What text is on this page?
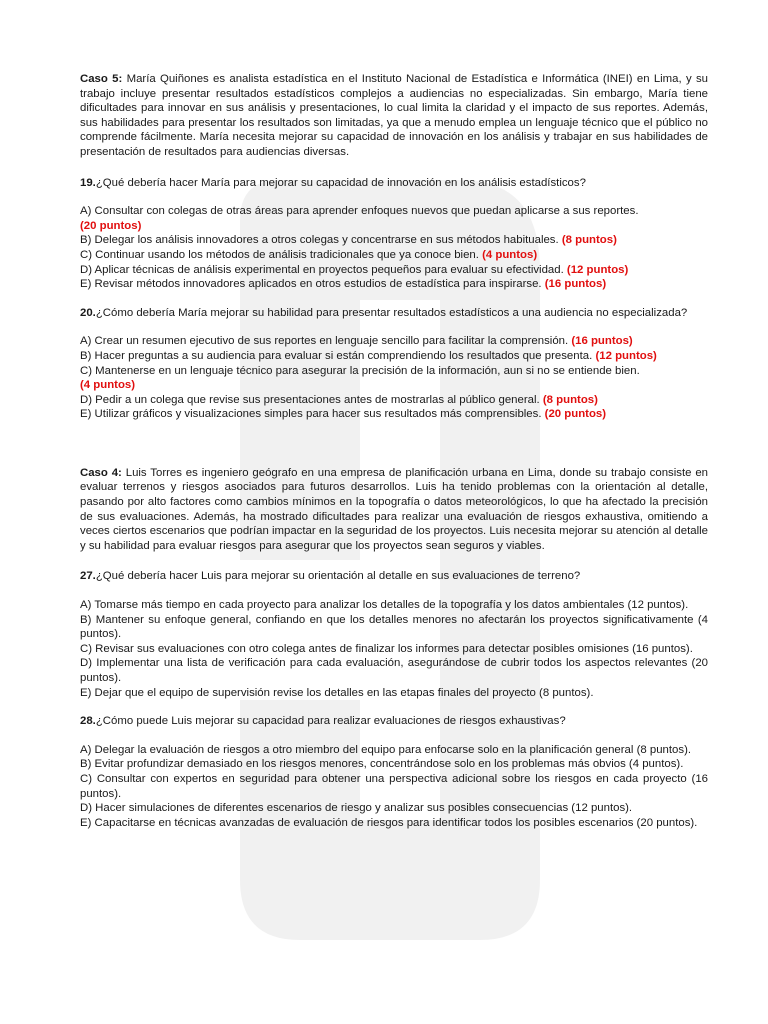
Caso 5: María Quiñones es analista estadística en el Instituto Nacional de Estadística e Informática (INEI) en Lima, y su trabajo incluye presentar resultados estadísticos complejos a audiencias no especializadas. Sin embargo, María tiene dificultades para innovar en sus análisis y presentaciones, lo cual limita la claridad y el impacto de sus reportes. Además, sus habilidades para presentar los resultados son limitadas, ya que a menudo emplea un lenguaje técnico que el público no comprende fácilmente. María necesita mejorar su capacidad de innovación en los análisis y trabajar en sus habilidades de presentación de resultados para audiencias diversas.

19.¿Qué debería hacer María para mejorar su capacidad de innovación en los análisis estadísticos?

A) Consultar con colegas de otras áreas para aprender enfoques nuevos que puedan aplicarse a sus reportes.
(20 puntos)

B) Delegar los análisis innovadores a otros colegas y concentrarse en sus métodos habituales. (8 puntos)

C) Continuar usando los métodos de análisis tradicionales que ya conoce bien. (4 puntos)

D) Aplicar técnicas de análisis experimental en proyectos pequeños para evaluar su efectividad. (12 puntos)

E) Revisar métodos innovadores aplicados en otros estudios de estadística para inspirarse. (16 puntos)

20.¿Cómo debería María mejorar su habilidad para presentar resultados estadísticos a una audiencia no especializada?

A) Crear un resumen ejecutivo de sus reportes en lenguaje sencillo para facilitar la comprensión. (16 puntos)

B) Hacer preguntas a su audiencia para evaluar si están comprendiendo los resultados que presenta. (12 puntos)

C) Mantenerse en un lenguaje técnico para asegurar la precisión de la información, aun si no se entiende bien.
(4 puntos)

D) Pedir a un colega que revise sus presentaciones antes de mostrarlas al público general. (8 puntos)

E) Utilizar gráficos y visualizaciones simples para hacer sus resultados más comprensibles. (20 puntos)

Caso 4: Luis Torres es ingeniero geógrafo en una empresa de planificación urbana en Lima, donde su trabajo consiste en evaluar terrenos y riesgos asociados para futuros desarrollos. Luis ha tenido problemas con la orientación al detalle, pasando por alto factores como cambios mínimos en la topografía o datos meteorológicos, lo que ha afectado la precisión de sus evaluaciones. Además, ha mostrado dificultades para realizar una evaluación de riesgos exhaustiva, omitiendo a veces ciertos escenarios que podrían impactar en la seguridad de los proyectos. Luis necesita mejorar su atención al detalle y su habilidad para evaluar riesgos para asegurar que los proyectos sean seguros y viables.

27.¿Qué debería hacer Luis para mejorar su orientación al detalle en sus evaluaciones de terreno?

A) Tomarse más tiempo en cada proyecto para analizar los detalles de la topografía y los datos ambientales (12 puntos).

B) Mantener su enfoque general, confiando en que los detalles menores no afectarán los proyectos significativamente (4 puntos).

C) Revisar sus evaluaciones con otro colega antes de finalizar los informes para detectar posibles omisiones (16 puntos).

D) Implementar una lista de verificación para cada evaluación, asegurándose de cubrir todos los aspectos relevantes (20 puntos).

E) Dejar que el equipo de supervisión revise los detalles en las etapas finales del proyecto (8 puntos).

28.¿Cómo puede Luis mejorar su capacidad para realizar evaluaciones de riesgos exhaustivas?

A) Delegar la evaluación de riesgos a otro miembro del equipo para enfocarse solo en la planificación general (8 puntos).

B) Evitar profundizar demasiado en los riesgos menores, concentrándose solo en los problemas más obvios (4 puntos).

C) Consultar con expertos en seguridad para obtener una perspectiva adicional sobre los riesgos en cada proyecto (16 puntos).

D) Hacer simulaciones de diferentes escenarios de riesgo y analizar sus posibles consecuencias (12 puntos).

E) Capacitarse en técnicas avanzadas de evaluación de riesgos para identificar todos los posibles escenarios (20 puntos).
